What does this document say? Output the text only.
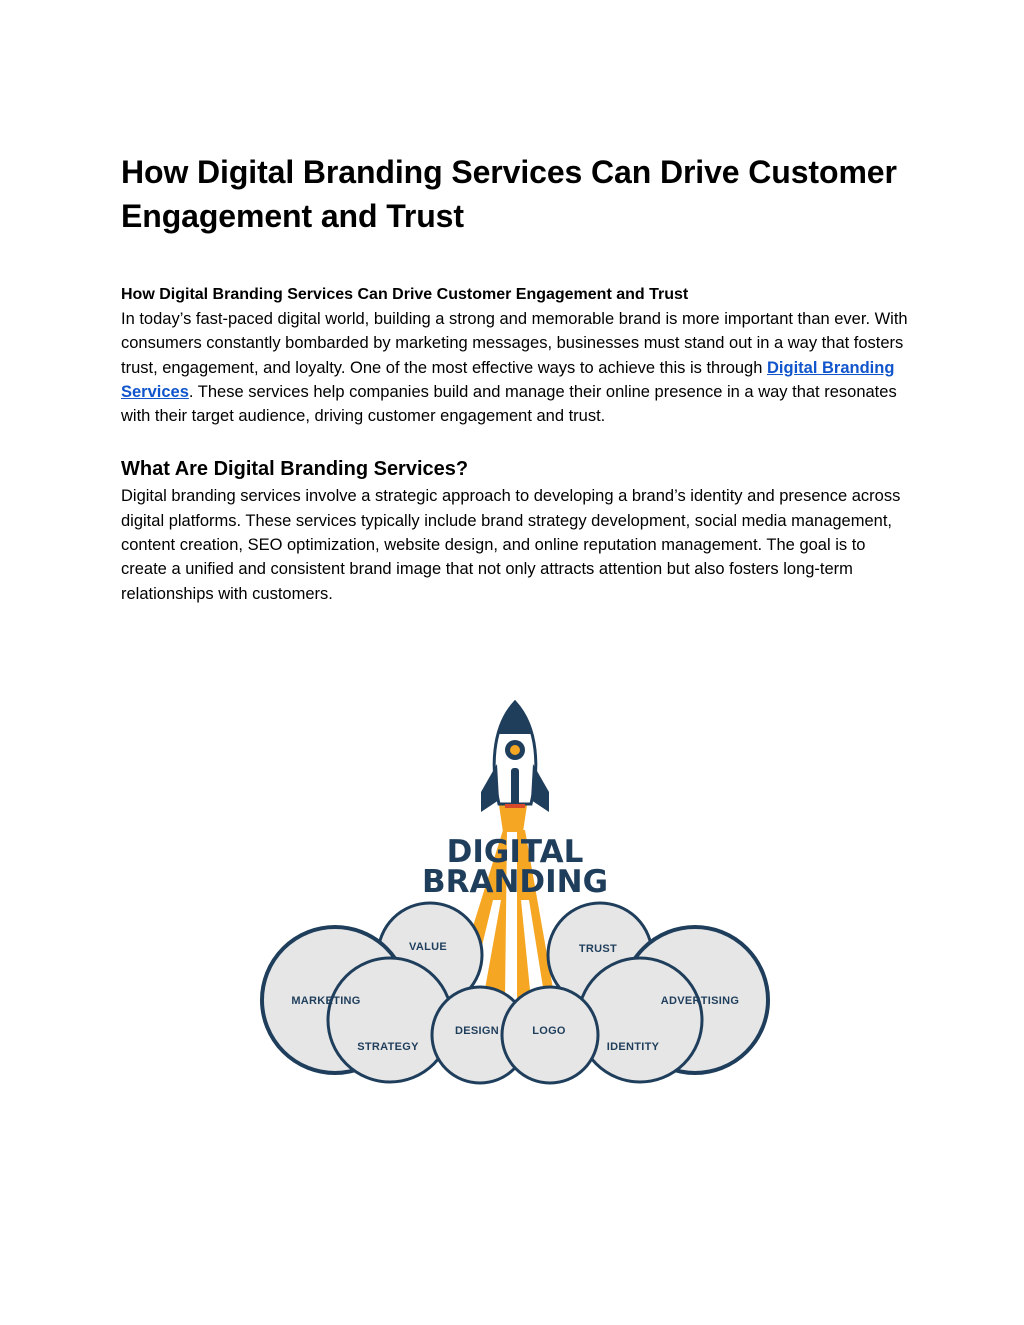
How Digital Branding Services Can Drive Customer Engagement and Trust
How Digital Branding Services Can Drive Customer Engagement and Trust

In today’s fast-paced digital world, building a strong and memorable brand is more important than ever. With consumers constantly bombarded by marketing messages, businesses must stand out in a way that fosters trust, engagement, and loyalty. One of the most effective ways to achieve this is through Digital Branding Services. These services help companies build and manage their online presence in a way that resonates with their target audience, driving customer engagement and trust.

What Are Digital Branding Services?

Digital branding services involve a strategic approach to developing a brand’s identity and presence across digital platforms. These services typically include brand strategy development, social media management, content creation, SEO optimization, website design, and online reputation management. The goal is to create a unified and consistent brand image that not only attracts attention but also fosters long-term relationships with customers.

DIGITAL
BRANDING
VALUE	TRUST
MARKETING	ADVERTISING
STRATEGY
DESIGN	LOGO
IDENTITY
